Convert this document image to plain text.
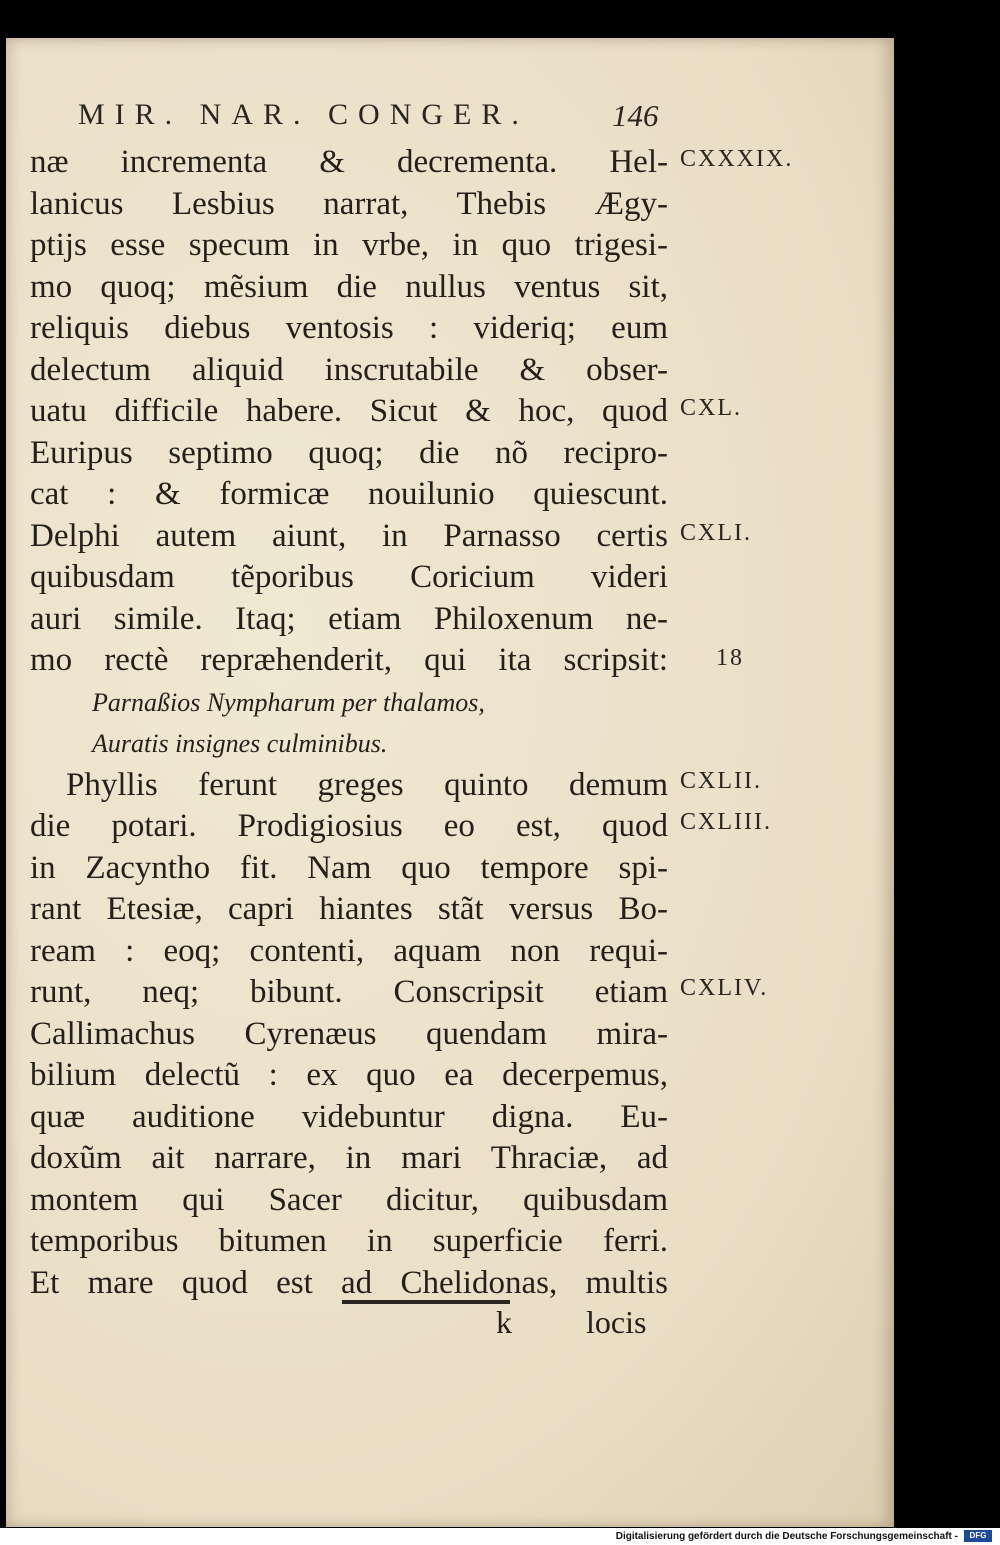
MIR. NAR. CONGER.	146
næ incrementa & decrementa. Hel-
lanicus Lesbius narrat, Thebis Ægy-
ptijs esse specum in vrbe, in quo trigesi-
mo quoq; mẽsium die nullus ventus sit,
reliquis diebus ventosis : videriq; eum
delectum aliquid inscrutabile & obser-
uatu difficile habere. Sicut & hoc, quod
Euripus septimo quoq; die nõ recipro-
cat : & formicæ nouilunio quiescunt.
Delphi autem aiunt, in Parnasso certis
quibusdam tẽporibus Coricium videri
auri simile. Itaq; etiam Philoxenum ne-
mo rectè repræhenderit, qui ita scripsit:
Parnaßios Nympharum per thalamos,
Auratis insignes culminibus.
Phyllis ferunt greges quinto demum
die potari. Prodigiosius eo est, quod
in Zacyntho fit. Nam quo tempore spi-
rant Etesiæ, capri hiantes stãt versus Bo-
ream : eoq; contenti, aquam non requi-
runt, neq; bibunt. Conscripsit etiam
Callimachus Cyrenæus quendam mira-
bilium delectũ : ex quo ea decerpemus,
quæ auditione videbuntur digna. Eu-
doxũm ait narrare, in mari Thraciæ, ad
montem qui Sacer dicitur, quibusdam
temporibus bitumen in superficie ferri.
Et mare quod est ad Chelidonas, multis
CXXXIX.
CXL.
CXLI.
18
CXLII.
CXLIII.
CXLIV.
k locis
Digitalisierung gefördert durch die Deutsche Forschungsgemeinschaft -	DFG
